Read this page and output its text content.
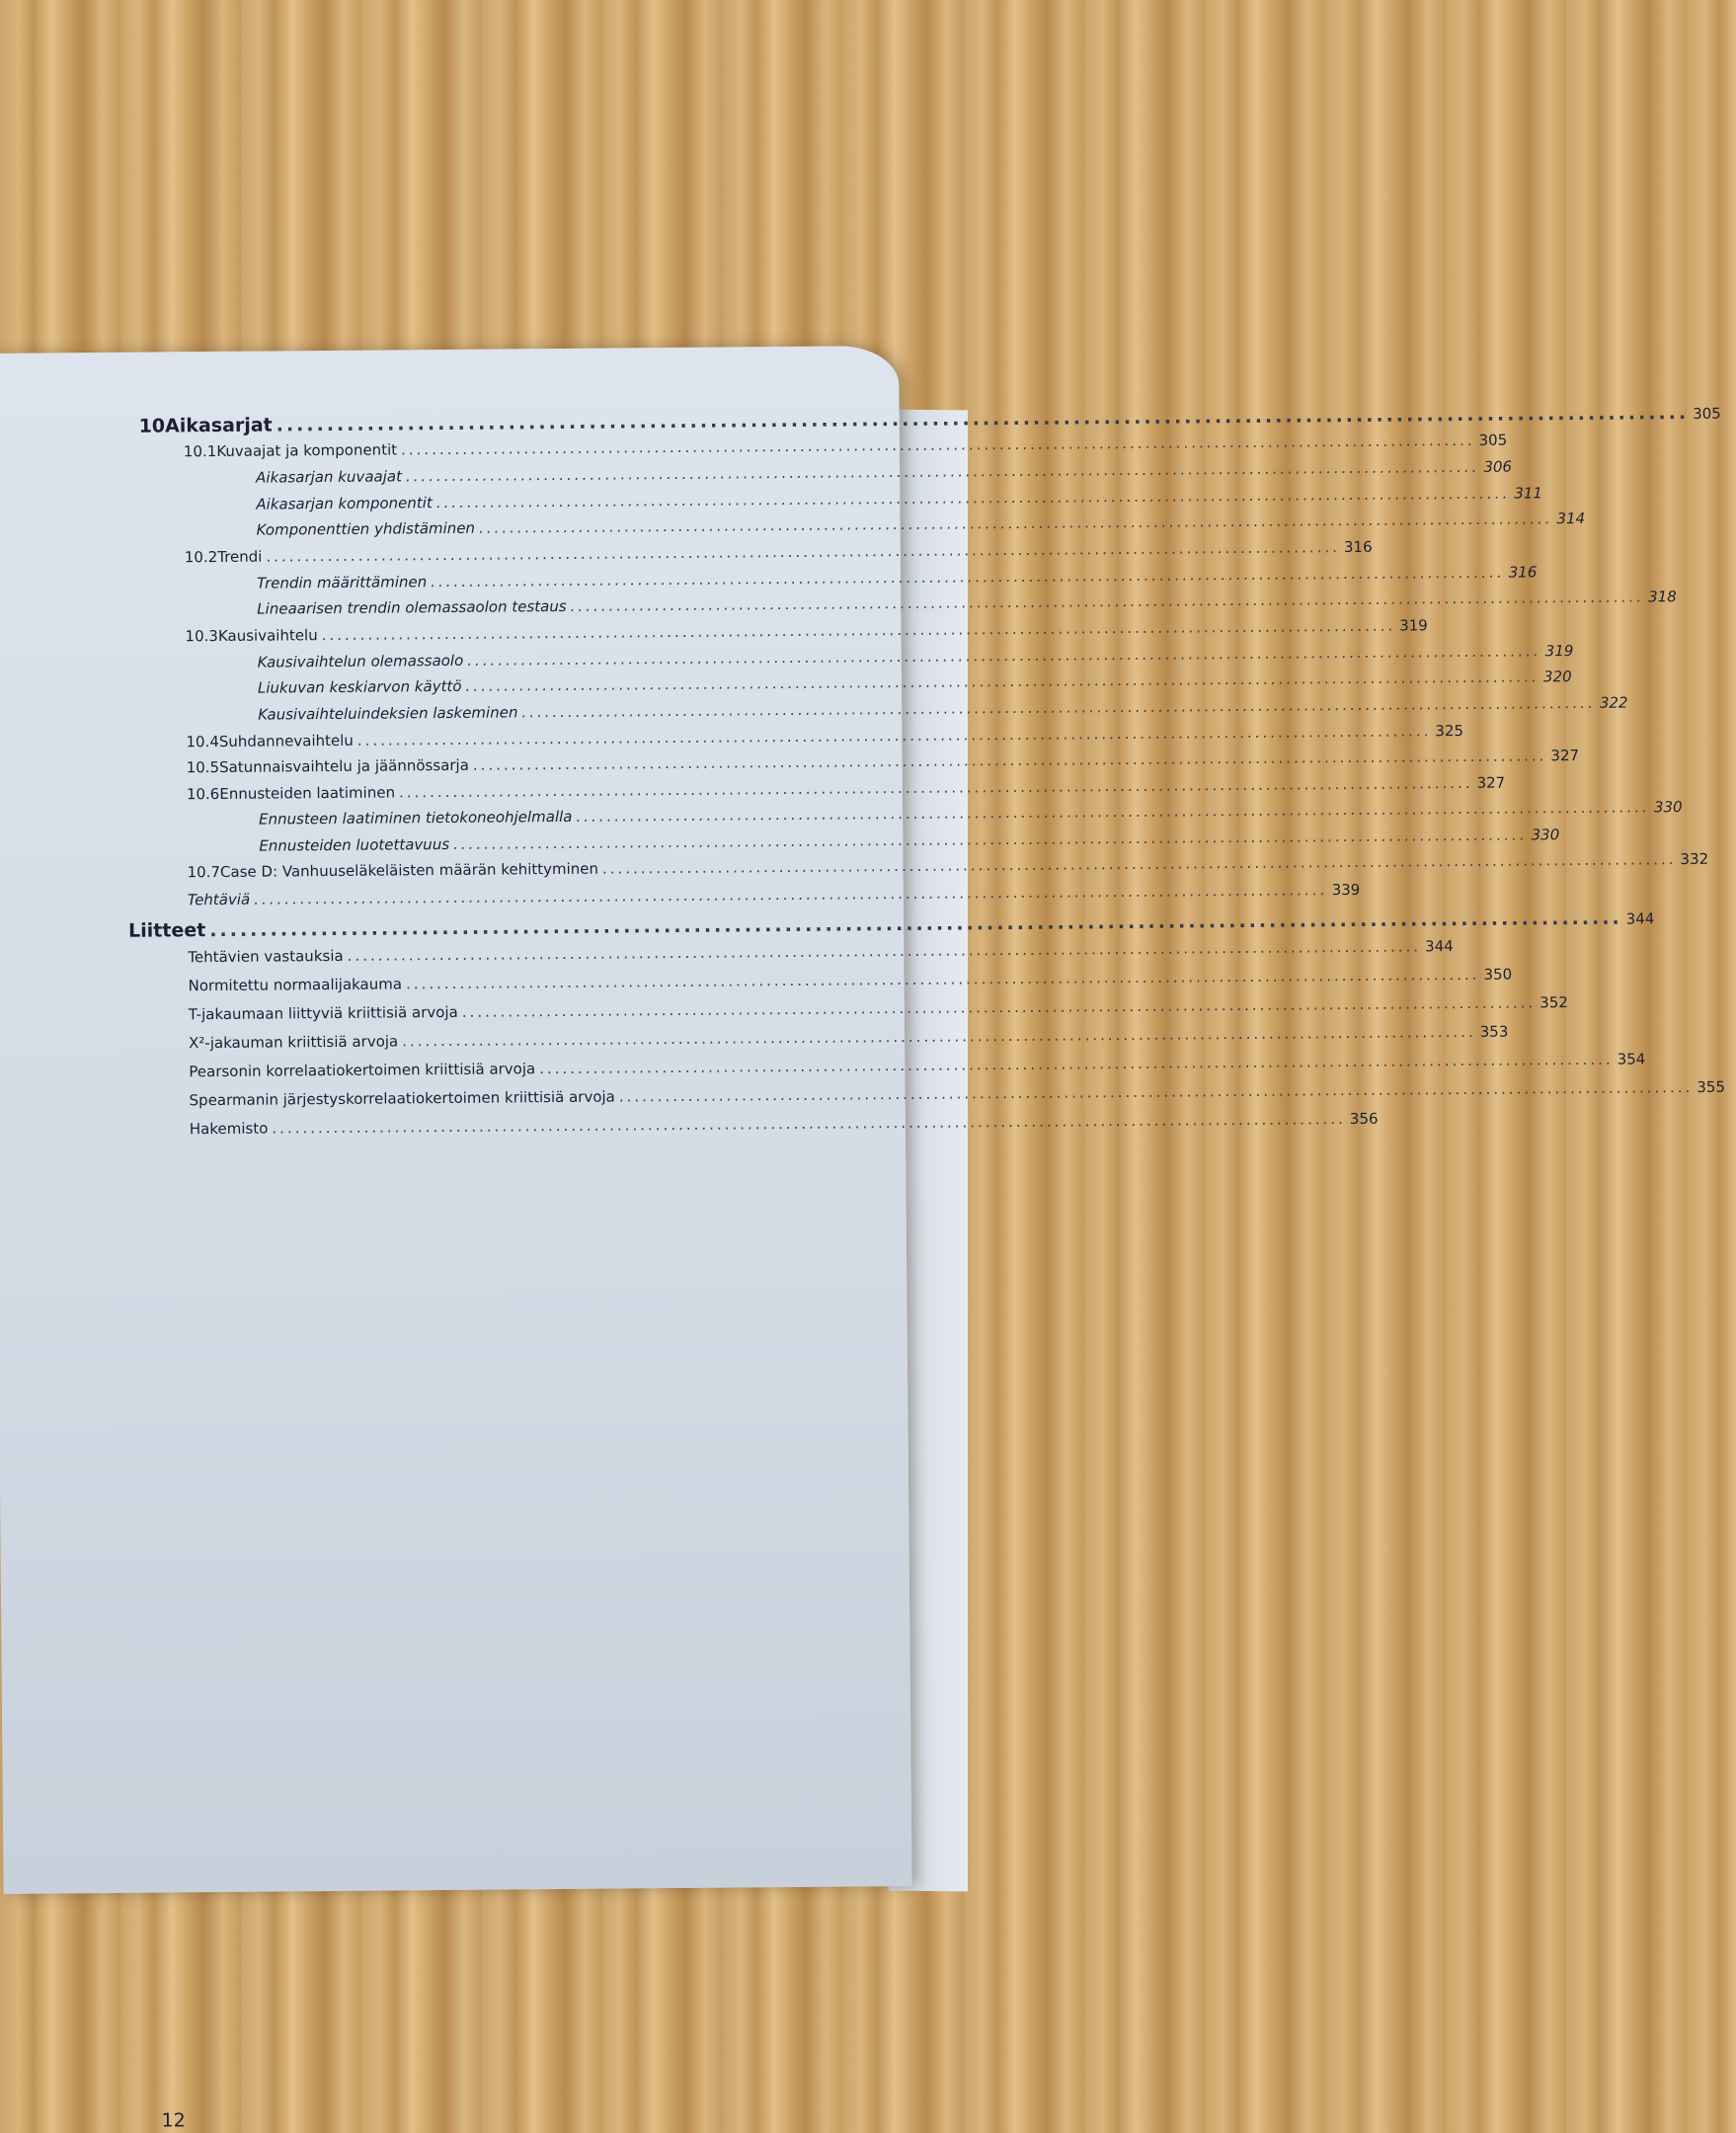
10 Aikasarjat ............................................................................................................................................ 305
10.1 Kuvaajat ja komponentit ............................................................................................................................................ 305
Aikasarjan kuvaajat ............................................................................................................................................ 306
Aikasarjan komponentit ............................................................................................................................................ 311
Komponenttien yhdistäminen ............................................................................................................................................ 314
10.2 Trendi ............................................................................................................................................ 316
Trendin määrittäminen ............................................................................................................................................ 316
Lineaarisen trendin olemassaolon testaus ............................................................................................................................................ 318
10.3 Kausivaihtelu ............................................................................................................................................ 319
Kausivaihtelun olemassaolo ............................................................................................................................................ 319
Liukuvan keskiarvon käyttö ............................................................................................................................................ 320
Kausivaihteluindeksien laskeminen ............................................................................................................................................ 322
10.4 Suhdannevaihtelu ............................................................................................................................................ 325
10.5 Satunnaisvaihtelu ja jäännössarja ............................................................................................................................................ 327
10.6 Ennusteiden laatiminen ............................................................................................................................................ 327
Ennusteen laatiminen tietokoneohjelmalla ............................................................................................................................................ 330
Ennusteiden luotettavuus ............................................................................................................................................ 330
10.7 Case D: Vanhuuseläkeläisten määrän kehittyminen ............................................................................................................................................ 332
Tehtäviä ............................................................................................................................................ 339
Liitteet ............................................................................................................................................ 344
Tehtävien vastauksia ............................................................................................................................................ 344
Normitettu normaalijakauma ............................................................................................................................................ 350
T-jakaumaan liittyviä kriittisiä arvoja ............................................................................................................................................ 352
X²-jakauman kriittisiä arvoja ............................................................................................................................................ 353
Pearsonin korrelaatiokertoimen kriittisiä arvoja ............................................................................................................................................ 354
Spearmanin järjestyskorrelaatiokertoimen kriittisiä arvoja ............................................................................................................................................ 355
Hakemisto ............................................................................................................................................ 356
12
